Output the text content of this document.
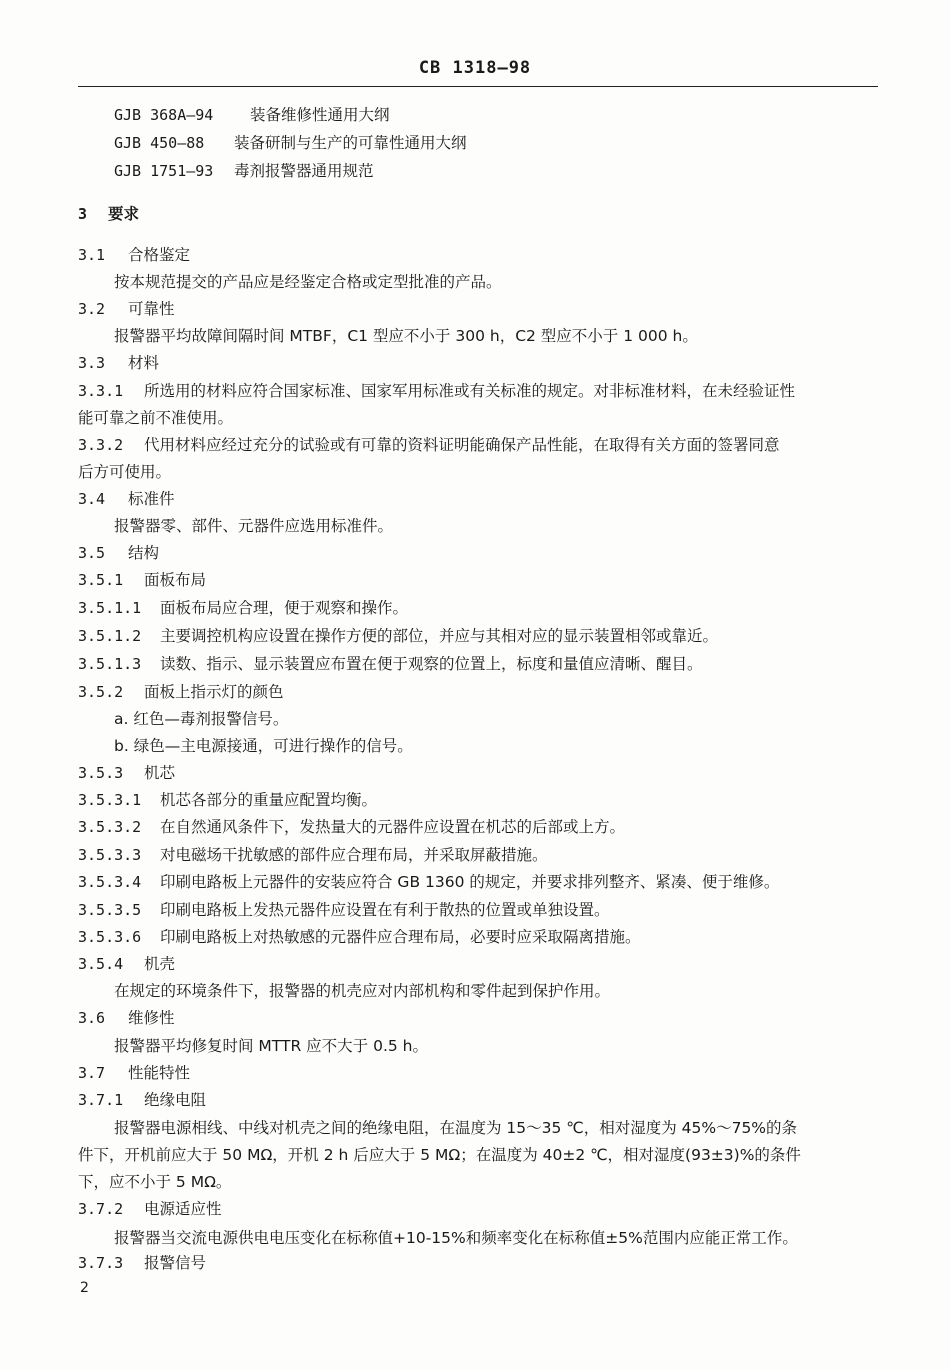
CB 1318—98
GJB 368A—94 装备维修性通用大纲
GJB 450—88 装备研制与生产的可靠性通用大纲
GJB 1751—93 毒剂报警器通用规范
3 要求
3.1 合格鉴定
按本规范提交的产品应是经鉴定合格或定型批准的产品。
3.2 可靠性
报警器平均故障间隔时间 MTBF，C1 型应不小于 300 h，C2 型应不小于 1 000 h。
3.3 材料
3.3.1 所选用的材料应符合国家标准、国家军用标准或有关标准的规定。对非标准材料，在未经验证性
能可靠之前不准使用。
3.3.2 代用材料应经过充分的试验或有可靠的资料证明能确保产品性能，在取得有关方面的签署同意
后方可使用。
3.4 标准件
报警器零、部件、元器件应选用标准件。
3.5 结构
3.5.1 面板布局
3.5.1.1 面板布局应合理，便于观察和操作。
3.5.1.2 主要调控机构应设置在操作方便的部位，并应与其相对应的显示装置相邻或靠近。
3.5.1.3 读数、指示、显示装置应布置在便于观察的位置上，标度和量值应清晰、醒目。
3.5.2 面板上指示灯的颜色
a. 红色—毒剂报警信号。
b. 绿色—主电源接通，可进行操作的信号。
3.5.3 机芯
3.5.3.1 机芯各部分的重量应配置均衡。
3.5.3.2 在自然通风条件下，发热量大的元器件应设置在机芯的后部或上方。
3.5.3.3 对电磁场干扰敏感的部件应合理布局，并采取屏蔽措施。
3.5.3.4 印刷电路板上元器件的安装应符合 GB 1360 的规定，并要求排列整齐、紧凑、便于维修。
3.5.3.5 印刷电路板上发热元器件应设置在有利于散热的位置或单独设置。
3.5.3.6 印刷电路板上对热敏感的元器件应合理布局，必要时应采取隔离措施。
3.5.4 机壳
在规定的环境条件下，报警器的机壳应对内部机构和零件起到保护作用。
3.6 维修性
报警器平均修复时间 MTTR 应不大于 0.5 h。
3.7 性能特性
3.7.1 绝缘电阻
报警器电源相线、中线对机壳之间的绝缘电阻，在温度为 15～35 ℃，相对湿度为 45%～75%的条
件下，开机前应大于 50 MΩ，开机 2 h 后应大于 5 MΩ；在温度为 40±2 ℃，相对湿度(93±3)%的条件
下，应不小于 5 MΩ。
3.7.2 电源适应性
报警器当交流电源供电电压变化在标称值+10-15%和频率变化在标称值±5%范围内应能正常工作。
3.7.3 报警信号
2
